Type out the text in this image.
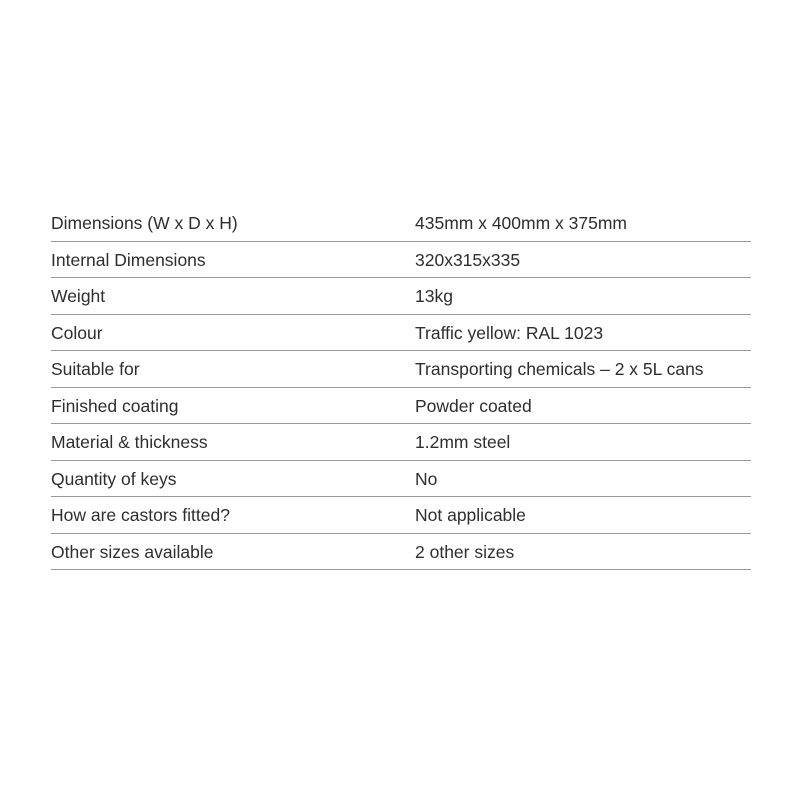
Dimensions (W x D x H)	435mm x 400mm x 375mm
Internal Dimensions	320x315x335
Weight	13kg
Colour	Traffic yellow: RAL 1023
Suitable for	Transporting chemicals – 2 x 5L cans
Finished coating	Powder coated
Material & thickness	1.2mm steel
Quantity of keys	No
How are castors fitted?	Not applicable
Other sizes available	2 other sizes
